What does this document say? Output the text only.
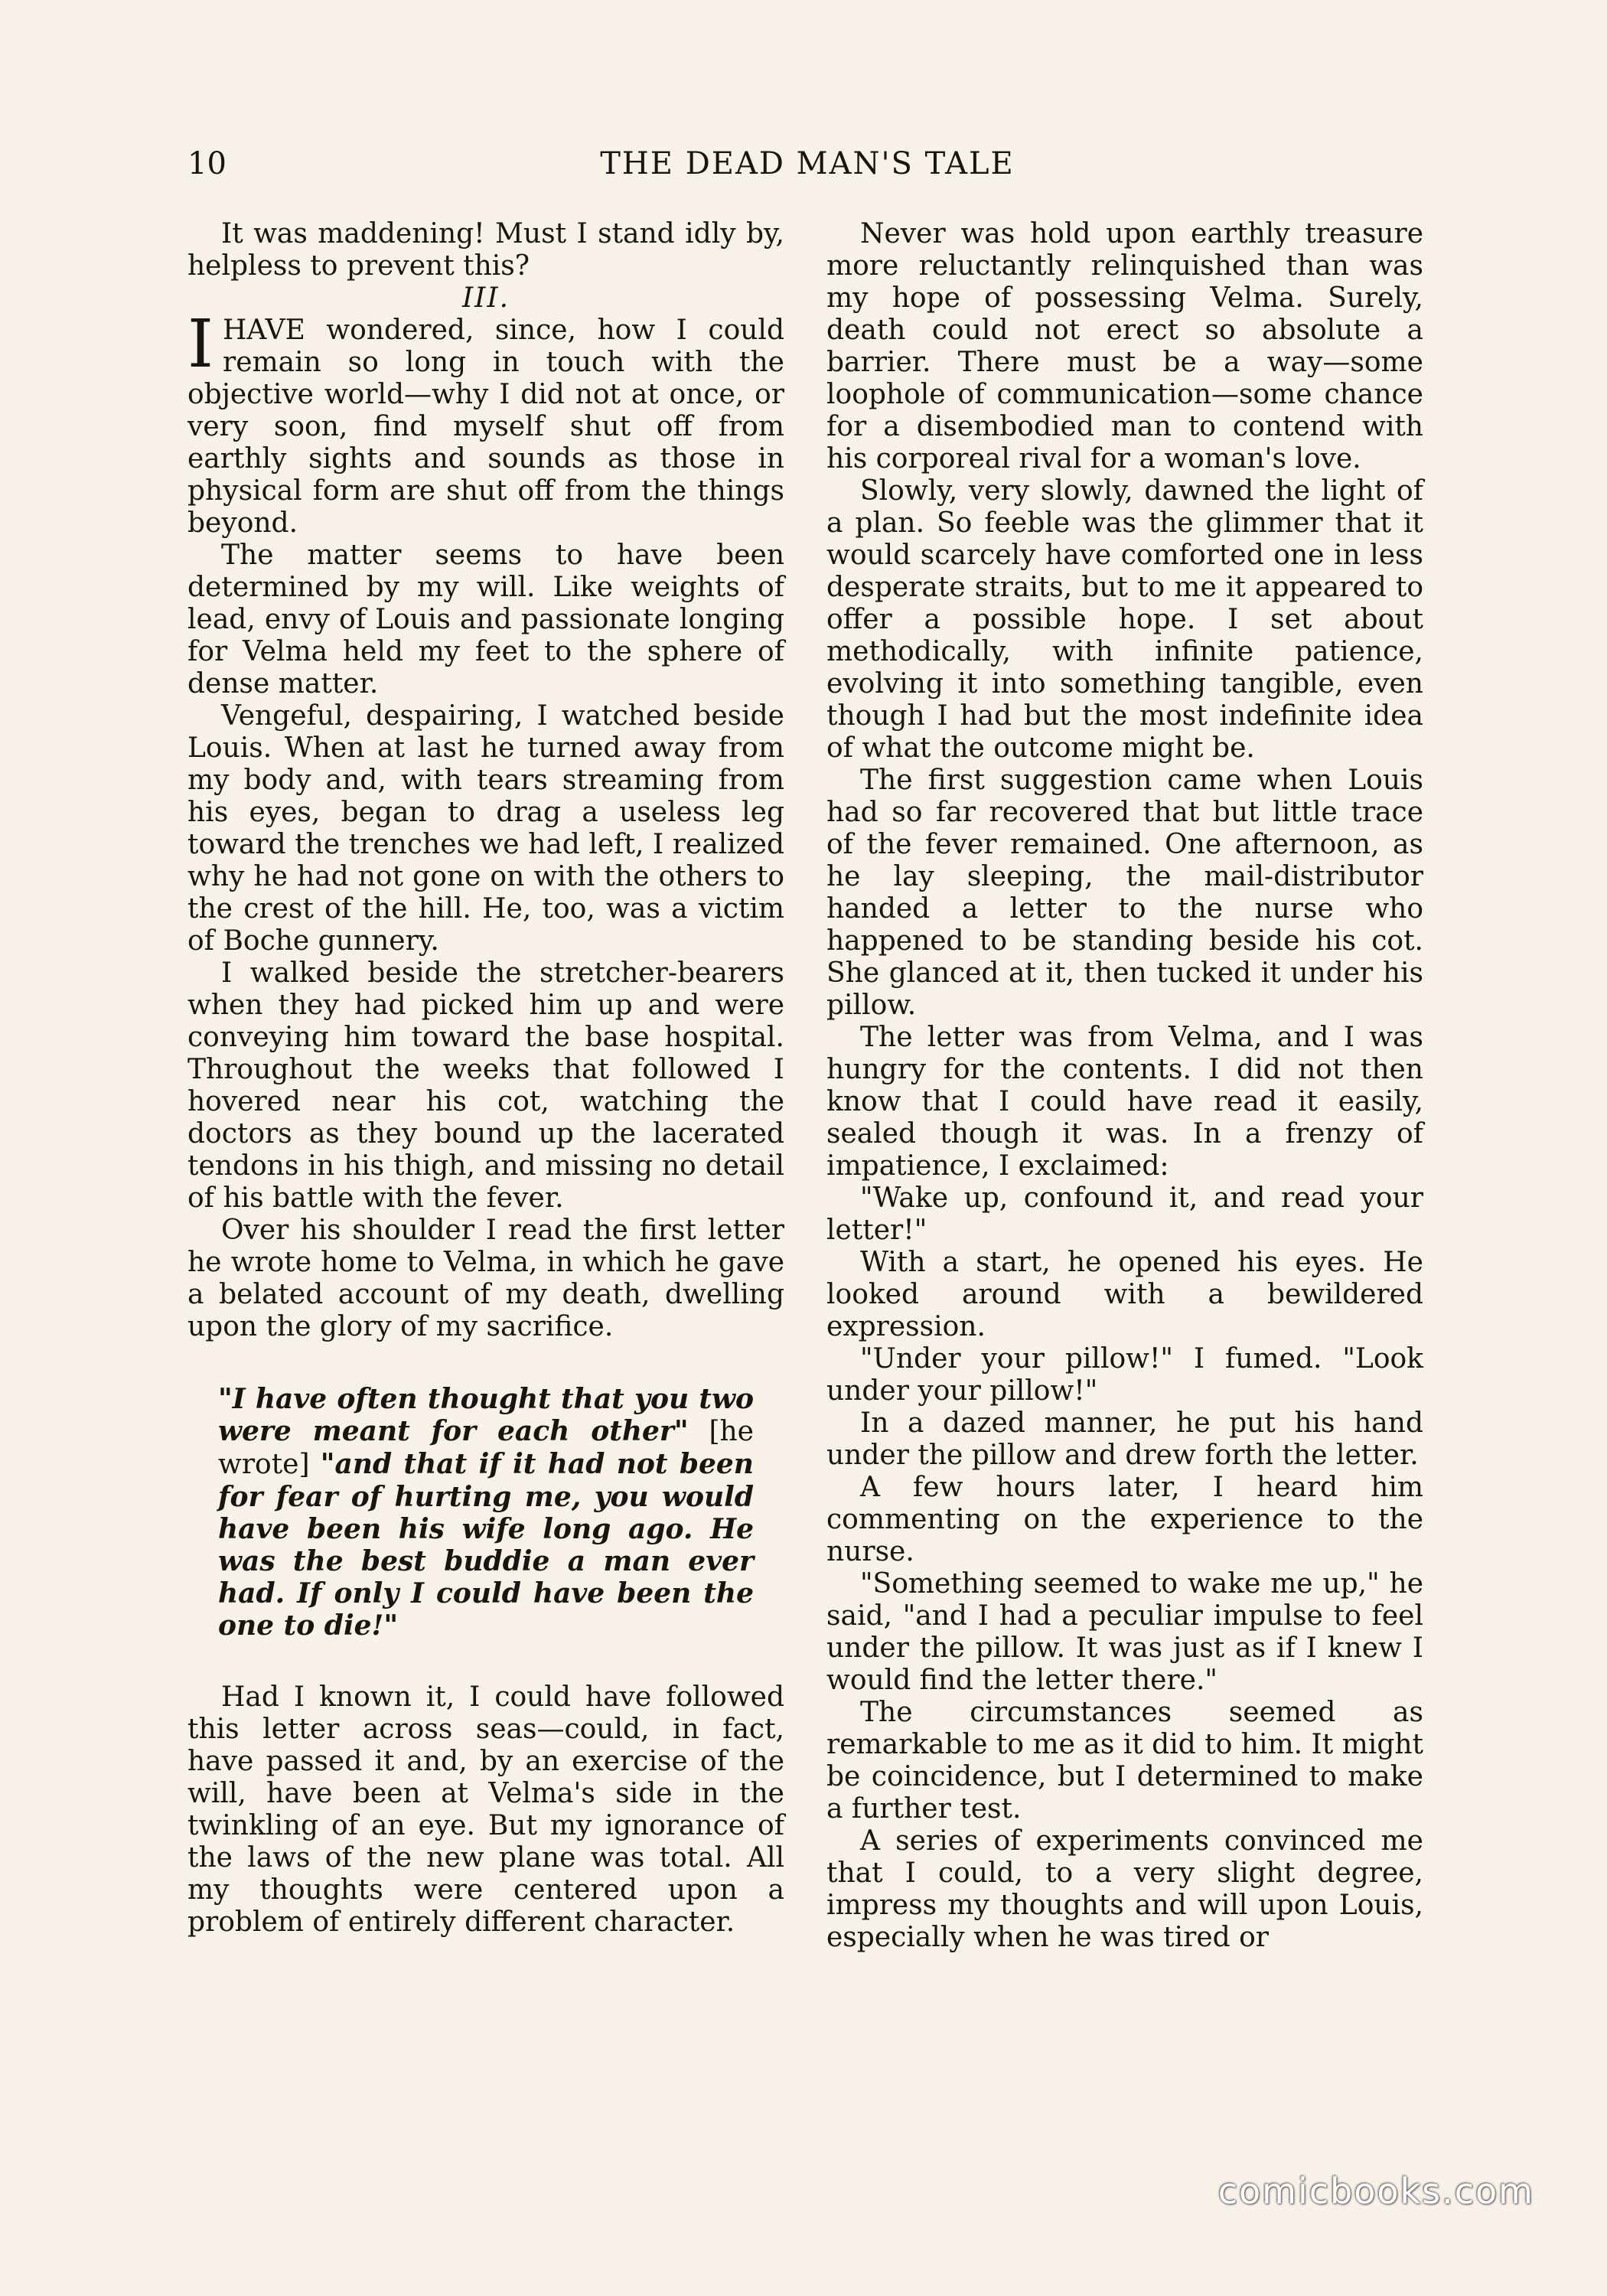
10	THE DEAD MAN'S TALE

It was maddening! Must I stand idly by, helpless to prevent this?

III.

IHAVE wondered, since, how I could remain so long in touch with the objective world—why I did not at once, or very soon, find myself shut off from earthly sights and sounds as those in physical form are shut off from the things beyond.

The matter seems to have been determined by my will. Like weights of lead, envy of Louis and passionate longing for Velma held my feet to the sphere of dense matter.

Vengeful, despairing, I watched beside Louis. When at last he turned away from my body and, with tears streaming from his eyes, began to drag a useless leg toward the trenches we had left, I realized why he had not gone on with the others to the crest of the hill. He, too, was a victim of Boche gunnery.

I walked beside the stretcher-bearers when they had picked him up and were conveying him toward the base hospital. Throughout the weeks that followed I hovered near his cot, watching the doctors as they bound up the lacerated tendons in his thigh, and missing no detail of his battle with the fever.

Over his shoulder I read the first letter he wrote home to Velma, in which he gave a belated account of my death, dwelling upon the glory of my sacrifice.

"I have often thought that you two were meant for each other" [he wrote] "and that if it had not been for fear of hurting me, you would have been his wife long ago. He was the best buddie a man ever had. If only I could have been the one to die!"

Had I known it, I could have followed this letter across seas—could, in fact, have passed it and, by an exercise of the will, have been at Velma's side in the twinkling of an eye. But my ignorance of the laws of the new plane was total. All my thoughts were centered upon a problem of entirely different character.

Never was hold upon earthly treasure more reluctantly relinquished than was my hope of possessing Velma. Surely, death could not erect so absolute a barrier. There must be a way—some loophole of communication—some chance for a disembodied man to contend with his corporeal rival for a woman's love.

Slowly, very slowly, dawned the light of a plan. So feeble was the glimmer that it would scarcely have comforted one in less desperate straits, but to me it appeared to offer a possible hope. I set about methodically, with infinite patience, evolving it into something tangible, even though I had but the most indefinite idea of what the outcome might be.

The first suggestion came when Louis had so far recovered that but little trace of the fever remained. One afternoon, as he lay sleeping, the mail-distributor handed a letter to the nurse who happened to be standing beside his cot. She glanced at it, then tucked it under his pillow.

The letter was from Velma, and I was hungry for the contents. I did not then know that I could have read it easily, sealed though it was. In a frenzy of impatience, I exclaimed:

"Wake up, confound it, and read your letter!"

With a start, he opened his eyes. He looked around with a bewildered expression.

"Under your pillow!" I fumed. "Look under your pillow!"

In a dazed manner, he put his hand under the pillow and drew forth the letter.

A few hours later, I heard him commenting on the experience to the nurse.

"Something seemed to wake me up," he said, "and I had a peculiar impulse to feel under the pillow. It was just as if I knew I would find the letter there."

The circumstances seemed as remarkable to me as it did to him. It might be coincidence, but I determined to make a further test.

A series of experiments convinced me that I could, to a very slight degree, impress my thoughts and will upon Louis, especially when he was tired or

comicbooks.com
